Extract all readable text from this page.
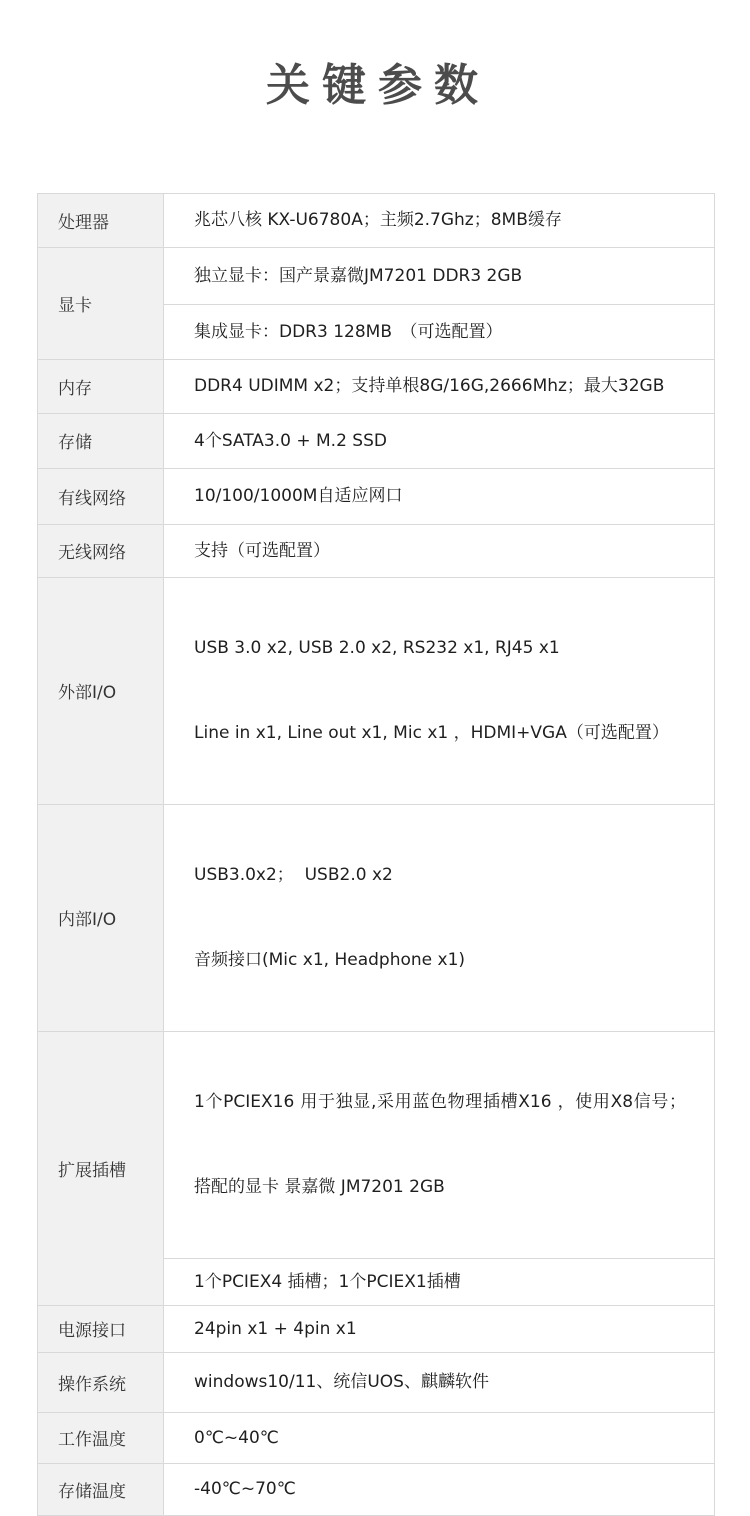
关键参数
处理器	兆芯八核 KX-U6780A；主频2.7Ghz；8MB缓存
显卡	独立显卡：国产景嘉微JM7201 DDR3 2GB
	集成显卡：DDR3 128MB　（可选配置）
内存	DDR4 UDIMM x2；支持单根8G/16G,2666Mhz；最大32GB
存储	4个SATA3.0 + M.2 SSD
有线网络	10/100/1000M自适应网口
无线网络	支持（可选配置）
外部I/O	USB 3.0 x2, USB 2.0 x2, RS232 x1, RJ45 x1

Line in x1, Line out x1, Mic x1 ，HDMI+VGA（可选配置）

内部I/O	USB3.0x2；  USB2.0 x2

音频接口(Mic x1, Headphone x1)

扩展插槽	1个PCIEX16 用于独显,采用蓝色物理插槽X16 ，使用X8信号；

搭配的显卡 景嘉微 JM7201 2GB

	1个PCIEX4 插槽；1个PCIEX1插槽
电源接口	24pin x1 + 4pin x1
操作系统	windows10/11、统信UOS、麒麟软件
工作温度	0℃~40℃
存储温度	-40℃~70℃
